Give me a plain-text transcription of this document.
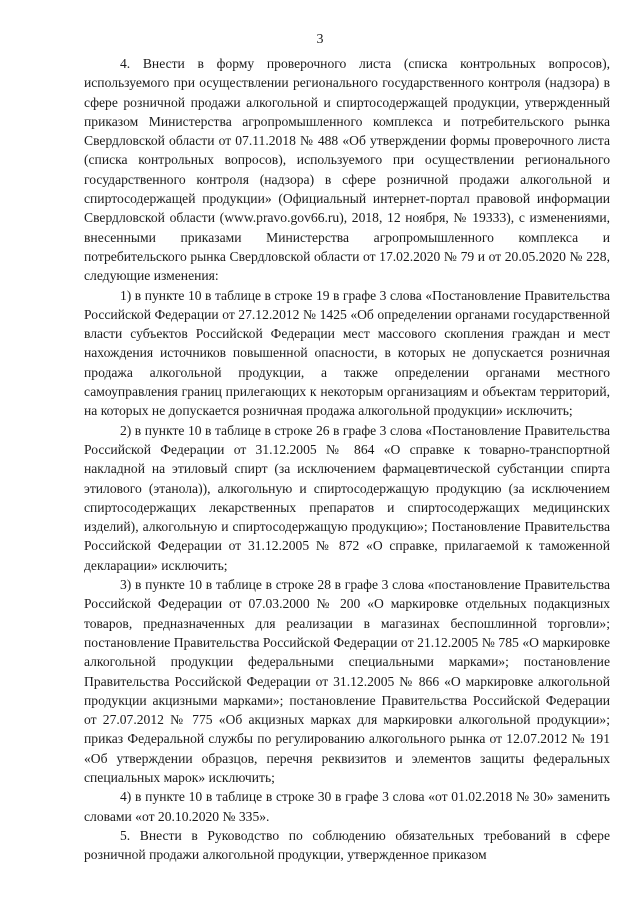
3

4. Внести в форму проверочного листа (списка контрольных вопросов), используемого при осуществлении регионального государственного контроля (надзора) в сфере розничной продажи алкогольной и спиртосодержащей продукции, утвержденный приказом Министерства агропромышленного комплекса и потребительского рынка Свердловской области от 07.11.2018 № 488 «Об утверждении формы проверочного листа (списка контрольных вопросов), используемого при осуществлении регионального государственного контроля (надзора) в сфере розничной продажи алкогольной и спиртосодержащей продукции» (Официальный интернет-портал правовой информации Свердловской области (www.pravo.gov66.ru), 2018, 12 ноября, № 19333), с изменениями, внесенными приказами Министерства агропромышленного комплекса и потребительского рынка Свердловской области от 17.02.2020 № 79 и от 20.05.2020 № 228, следующие изменения:

1) в пункте 10 в таблице в строке 19 в графе 3 слова «Постановление Правительства Российской Федерации от 27.12.2012 № 1425 «Об определении органами государственной власти субъектов Российской Федерации мест массового скопления граждан и мест нахождения источников повышенной опасности, в которых не допускается розничная продажа алкогольной продукции, а также определении органами местного самоуправления границ прилегающих к некоторым организациям и объектам территорий, на которых не допускается розничная продажа алкогольной продукции» исключить;

2) в пункте 10 в таблице в строке 26 в графе 3 слова «Постановление Правительства Российской Федерации от 31.12.2005 № 864 «О справке к товарно-транспортной накладной на этиловый спирт (за исключением фармацевтической субстанции спирта этилового (этанола)), алкогольную и спиртосодержащую продукцию (за исключением спиртосодержащих лекарственных препаратов и спиртосодержащих медицинских изделий), алкогольную и спиртосодержащую продукцию»; Постановление Правительства Российской Федерации от 31.12.2005 № 872 «О справке, прилагаемой к таможенной декларации» исключить;

3) в пункте 10 в таблице в строке 28 в графе 3 слова «постановление Правительства Российской Федерации от 07.03.2000 № 200 «О маркировке отдельных подакцизных товаров, предназначенных для реализации в магазинах беспошлинной торговли»; постановление Правительства Российской Федерации от 21.12.2005 № 785 «О маркировке алкогольной продукции федеральными специальными марками»; постановление Правительства Российской Федерации от 31.12.2005 № 866 «О маркировке алкогольной продукции акцизными марками»; постановление Правительства Российской Федерации от 27.07.2012 № 775 «Об акцизных марках для маркировки алкогольной продукции»; приказ Федеральной службы по регулированию алкогольного рынка от 12.07.2012 № 191 «Об утверждении образцов, перечня реквизитов и элементов защиты федеральных специальных марок» исключить;

4) в пункте 10 в таблице в строке 30 в графе 3 слова «от 01.02.2018 № 30» заменить словами «от 20.10.2020 № 335».

5. Внести в Руководство по соблюдению обязательных требований в сфере розничной продажи алкогольной продукции, утвержденное приказом
